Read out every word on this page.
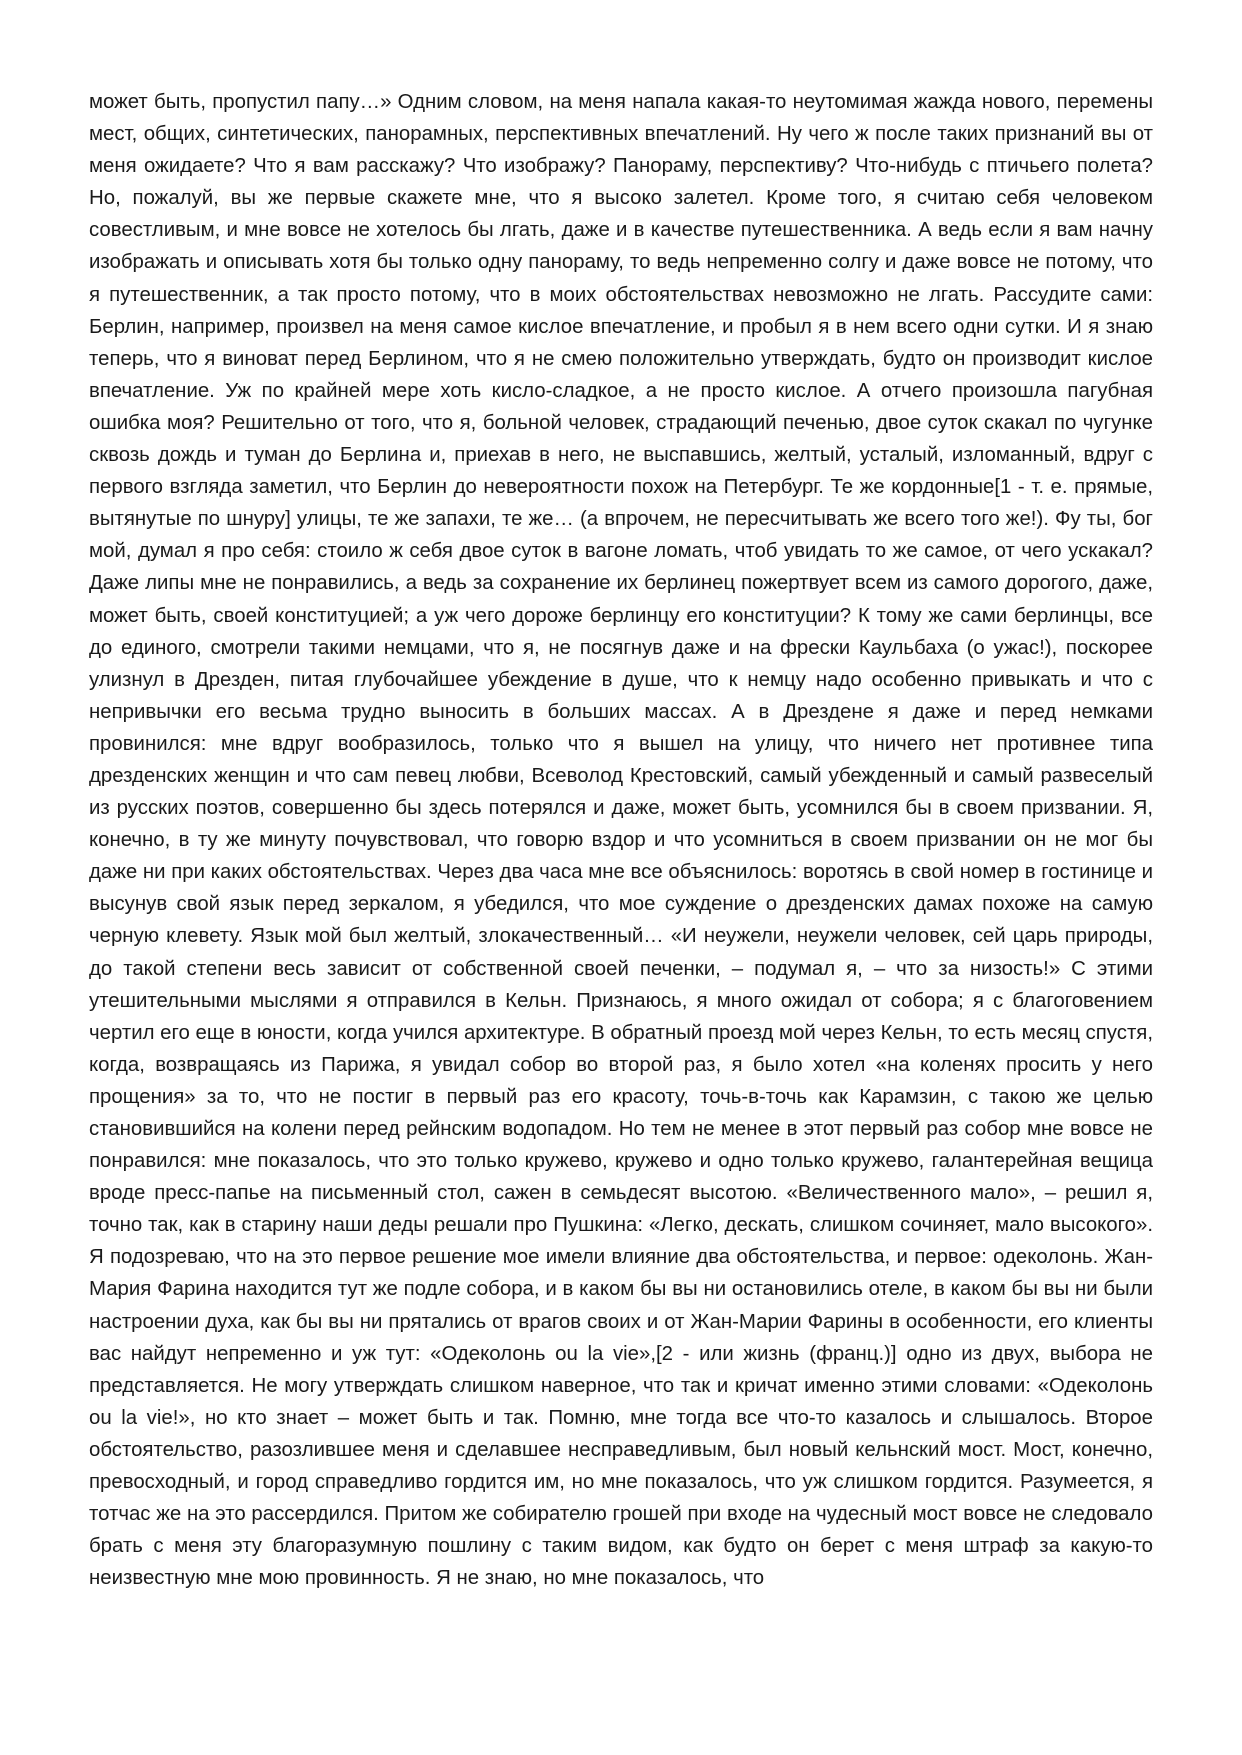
может быть, пропустил папу…» Одним словом, на меня напала какая-то неутомимая жажда нового, перемены мест, общих, синтетических, панорамных, перспективных впечатлений. Ну чего ж после таких признаний вы от меня ожидаете? Что я вам расскажу? Что изображу? Панораму, перспективу? Что-нибудь с птичьего полета? Но, пожалуй, вы же первые скажете мне, что я высоко залетел. Кроме того, я считаю себя человеком совестливым, и мне вовсе не хотелось бы лгать, даже и в качестве путешественника. А ведь если я вам начну изображать и описывать хотя бы только одну панораму, то ведь непременно солгу и даже вовсе не потому, что я путешественник, а так просто потому, что в моих обстоятельствах невозможно не лгать. Рассудите сами: Берлин, например, произвел на меня самое кислое впечатление, и пробыл я в нем всего одни сутки. И я знаю теперь, что я виноват перед Берлином, что я не смею положительно утверждать, будто он производит кислое впечатление. Уж по крайней мере хоть кисло-сладкое, а не просто кислое. А отчего произошла пагубная ошибка моя? Решительно от того, что я, больной человек, страдающий печенью, двое суток скакал по чугунке сквозь дождь и туман до Берлина и, приехав в него, не выспавшись, желтый, усталый, изломанный, вдруг с первого взгляда заметил, что Берлин до невероятности похож на Петербург. Те же кордонные[1 - т. е. прямые, вытянутые по шнуру] улицы, те же запахи, те же… (а впрочем, не пересчитывать же всего того же!). Фу ты, бог мой, думал я про себя: стоило ж себя двое суток в вагоне ломать, чтоб увидать то же самое, от чего ускакал? Даже липы мне не понравились, а ведь за сохранение их берлинец пожертвует всем из самого дорогого, даже, может быть, своей конституцией; а уж чего дороже берлинцу его конституции? К тому же сами берлинцы, все до единого, смотрели такими немцами, что я, не посягнув даже и на фрески Каульбаха (о ужас!), поскорее улизнул в Дрезден, питая глубочайшее убеждение в душе, что к немцу надо особенно привыкать и что с непривычки его весьма трудно выносить в больших массах. А в Дрездене я даже и перед немками провинился: мне вдруг вообразилось, только что я вышел на улицу, что ничего нет противнее типа дрезденских женщин и что сам певец любви, Всеволод Крестовский, самый убежденный и самый развеселый из русских поэтов, совершенно бы здесь потерялся и даже, может быть, усомнился бы в своем призвании. Я, конечно, в ту же минуту почувствовал, что говорю вздор и что усомниться в своем призвании он не мог бы даже ни при каких обстоятельствах. Через два часа мне все объяснилось: воротясь в свой номер в гостинице и высунув свой язык перед зеркалом, я убедился, что мое суждение о дрезденских дамах похоже на самую черную клевету. Язык мой был желтый, злокачественный… «И неужели, неужели человек, сей царь природы, до такой степени весь зависит от собственной своей печенки, – подумал я, – что за низость!» С этими утешительными мыслями я отправился в Кельн. Признаюсь, я много ожидал от собора; я с благоговением чертил его еще в юности, когда учился архитектуре. В обратный проезд мой через Кельн, то есть месяц спустя, когда, возвращаясь из Парижа, я увидал собор во второй раз, я было хотел «на коленях просить у него прощения» за то, что не постиг в первый раз его красоту, точь-в-точь как Карамзин, с такою же целью становившийся на колени перед рейнским водопадом. Но тем не менее в этот первый раз собор мне вовсе не понравился: мне показалось, что это только кружево, кружево и одно только кружево, галантерейная вещица вроде пресс-папье на письменный стол, сажен в семьдесят высотою. «Величественного мало», – решил я, точно так, как в старину наши деды решали про Пушкина: «Легко, дескать, слишком сочиняет, мало высокого». Я подозреваю, что на это первое решение мое имели влияние два обстоятельства, и первое: одеколонь. Жан-Мария Фарина находится тут же подле собора, и в каком бы вы ни остановились отеле, в каком бы вы ни были настроении духа, как бы вы ни прятались от врагов своих и от Жан-Марии Фарины в особенности, его клиенты вас найдут непременно и уж тут: «Одеколонь ou la vie»,[2 - или жизнь (франц.)] одно из двух, выбора не представляется. Не могу утверждать слишком наверное, что так и кричат именно этими словами: «Одеколонь ou la vie!», но кто знает – может быть и так. Помню, мне тогда все что-то казалось и слышалось. Второе обстоятельство, разозлившее меня и сделавшее несправедливым, был новый кельнский мост. Мост, конечно, превосходный, и город справедливо гордится им, но мне показалось, что уж слишком гордится. Разумеется, я тотчас же на это рассердился. Притом же собирателю грошей при входе на чудесный мост вовсе не следовало брать с меня эту благоразумную пошлину с таким видом, как будто он берет с меня штраф за какую-то неизвестную мне мою провинность. Я не знаю, но мне показалось, что
